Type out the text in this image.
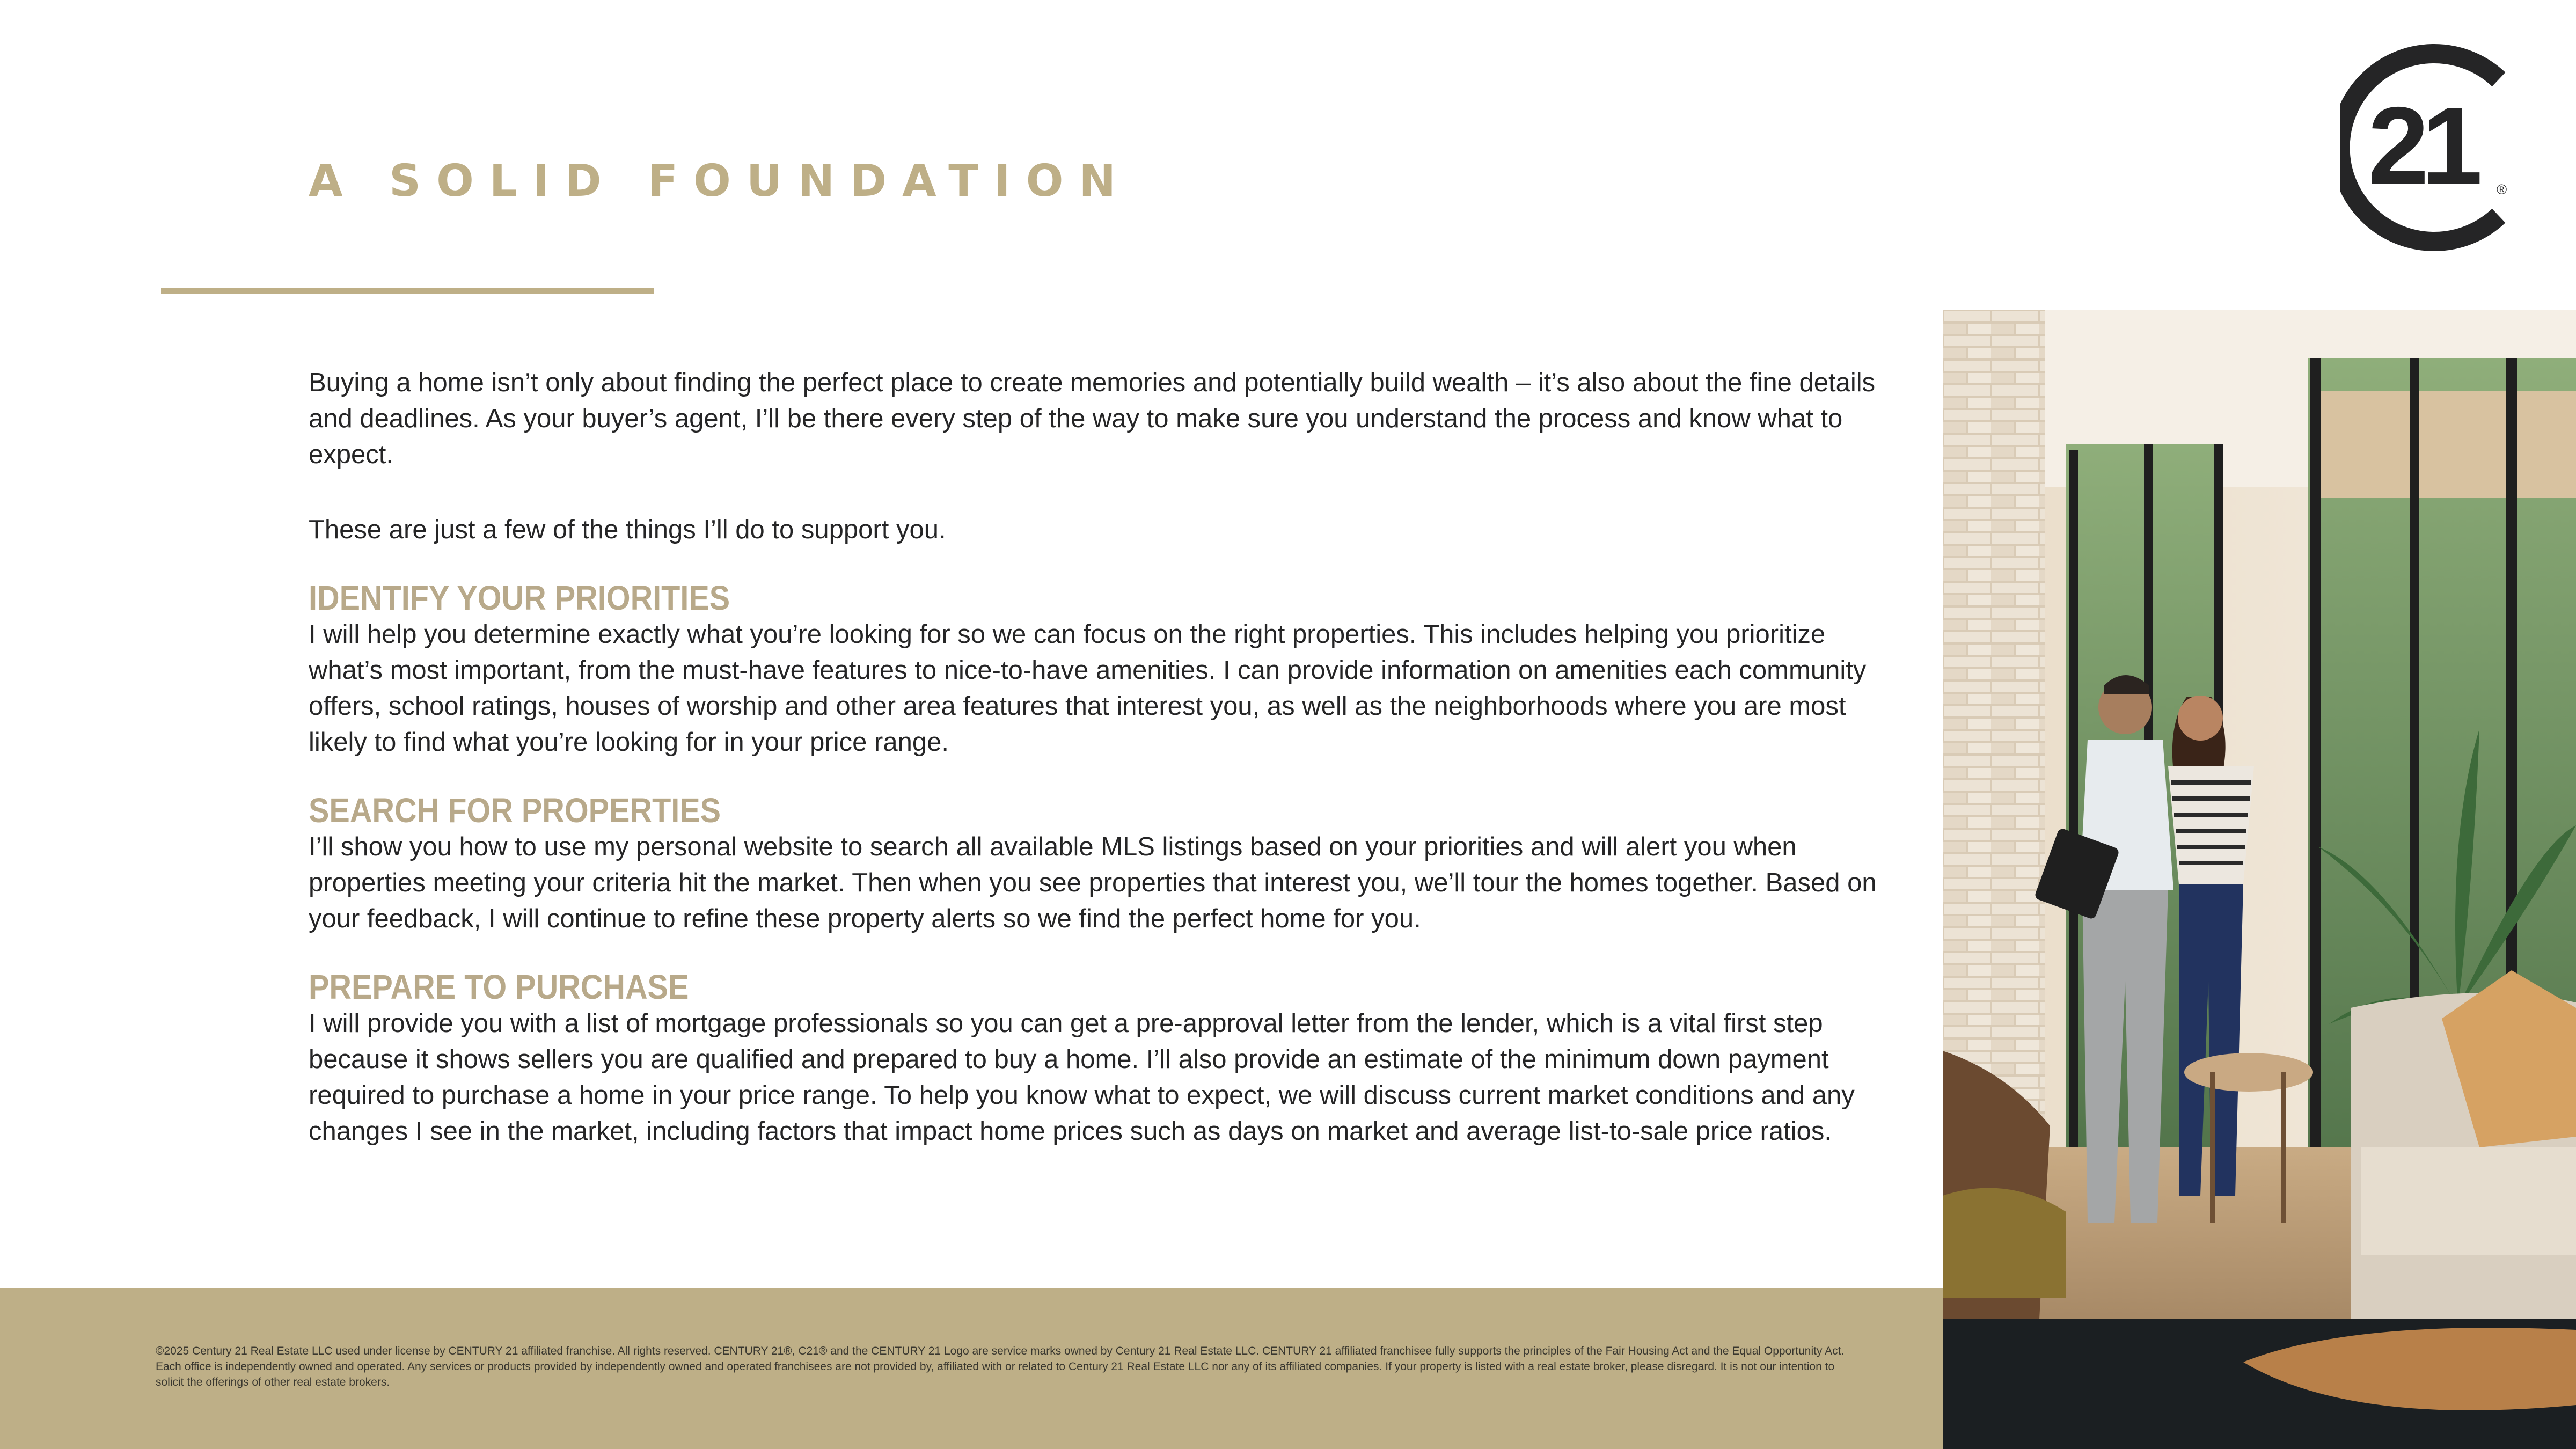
A SOLID FOUNDATION	21	®

Buying a home isn’t only about finding the perfect place to create memories and potentially build wealth – it’s also about the fine details and deadlines. As your buyer’s agent, I’ll be there every step of the way to make sure you understand the process and know what to expect.

These are just a few of the things I’ll do to support you.

IDENTIFY YOUR PRIORITIES

I will help you determine exactly what you’re looking for so we can focus on the right properties. This includes helping you prioritize what’s most important, from the must-have features to nice-to-have amenities. I can provide information on amenities each community offers, school ratings, houses of worship and other area features that interest you, as well as the neighborhoods where you are most likely to find what you’re looking for in your price range.

SEARCH FOR PROPERTIES

I’ll show you how to use my personal website to search all available MLS listings based on your priorities and will alert you when properties meeting your criteria hit the market. Then when you see properties that interest you, we’ll tour the homes together. Based on your feedback, I will continue to refine these property alerts so we find the perfect home for you.

PREPARE TO PURCHASE

I will provide you with a list of mortgage professionals so you can get a pre-approval letter from the lender, which is a vital first step because it shows sellers you are qualified and prepared to buy a home. I’ll also provide an estimate of the minimum down payment required to purchase a home in your price range. To help you know what to expect, we will discuss current market conditions and any changes I see in the market, including factors that impact home prices such as days on market and average list-to-sale price ratios.

©2025 Century 21 Real Estate LLC used under license by CENTURY 21 affiliated franchise. All rights reserved. CENTURY 21®, C21® and the CENTURY 21 Logo are service marks owned by Century 21 Real Estate LLC. CENTURY 21 affiliated franchisee fully supports the principles of the Fair Housing Act and the Equal Opportunity Act. Each office is independently owned and operated. Any services or products provided by independently owned and operated franchisees are not provided by, affiliated with or related to Century 21 Real Estate LLC nor any of its affiliated companies. If your property is listed with a real estate broker, please disregard. It is not our intention to solicit the offerings of other real estate brokers.
